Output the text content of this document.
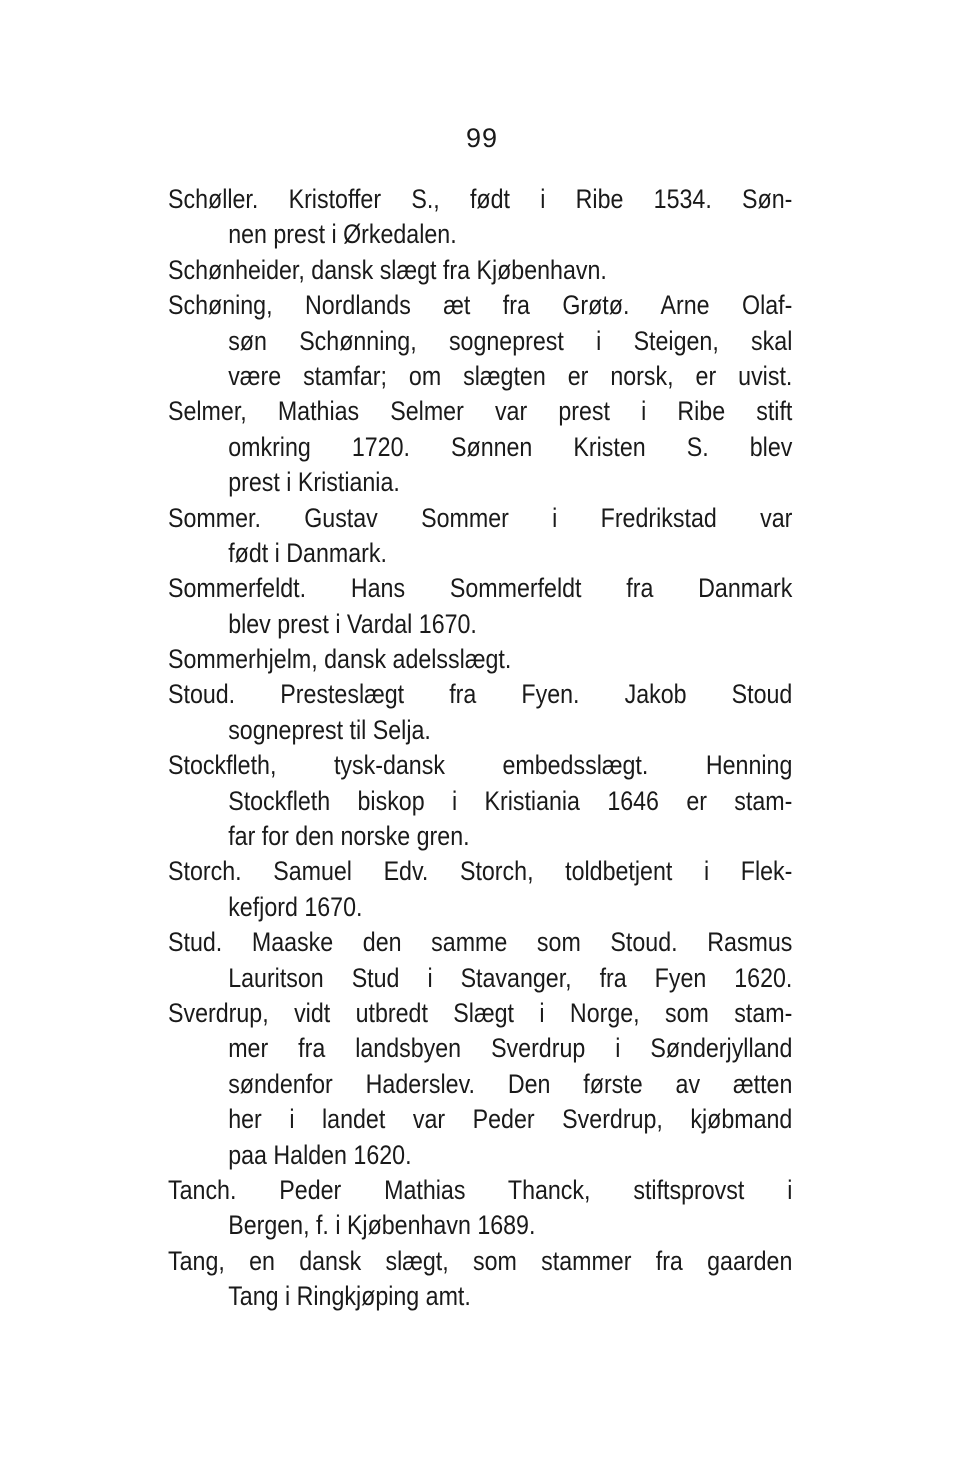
99
Schøller. Kristoffer S., født i Ribe 1534. Søn-
nen prest i Ørkedalen.
Schønheider, dansk slægt fra Kjøbenhavn.
Schøning, Nordlands æt fra Grøtø. Arne Olaf-
søn Schønning, sogneprest i Steigen, skal
være stamfar; om slægten er norsk, er uvist.
Selmer, Mathias Selmer var prest i Ribe stift
omkring 1720. Sønnen Kristen S. blev
prest i Kristiania.
Sommer. Gustav Sommer i Fredrikstad var
født i Danmark.
Sommerfeldt. Hans Sommerfeldt fra Danmark
blev prest i Vardal 1670.
Sommerhjelm, dansk adelsslægt.
Stoud. Presteslægt fra Fyen. Jakob Stoud
sogneprest til Selja.
Stockfleth, tysk-dansk embedsslægt. Henning
Stockfleth biskop i Kristiania 1646 er stam-
far for den norske gren.
Storch. Samuel Edv. Storch, toldbetjent i Flek-
kefjord 1670.
Stud. Maaske den samme som Stoud. Rasmus
Lauritson Stud i Stavanger, fra Fyen 1620.
Sverdrup, vidt utbredt Slægt i Norge, som stam-
mer fra landsbyen Sverdrup i Sønderjylland
søndenfor Haderslev. Den første av ætten
her i landet var Peder Sverdrup, kjøbmand
paa Halden 1620.
Tanch. Peder Mathias Thanck, stiftsprovst i
Bergen, f. i Kjøbenhavn 1689.
Tang, en dansk slægt, som stammer fra gaarden
Tang i Ringkjøping amt.
